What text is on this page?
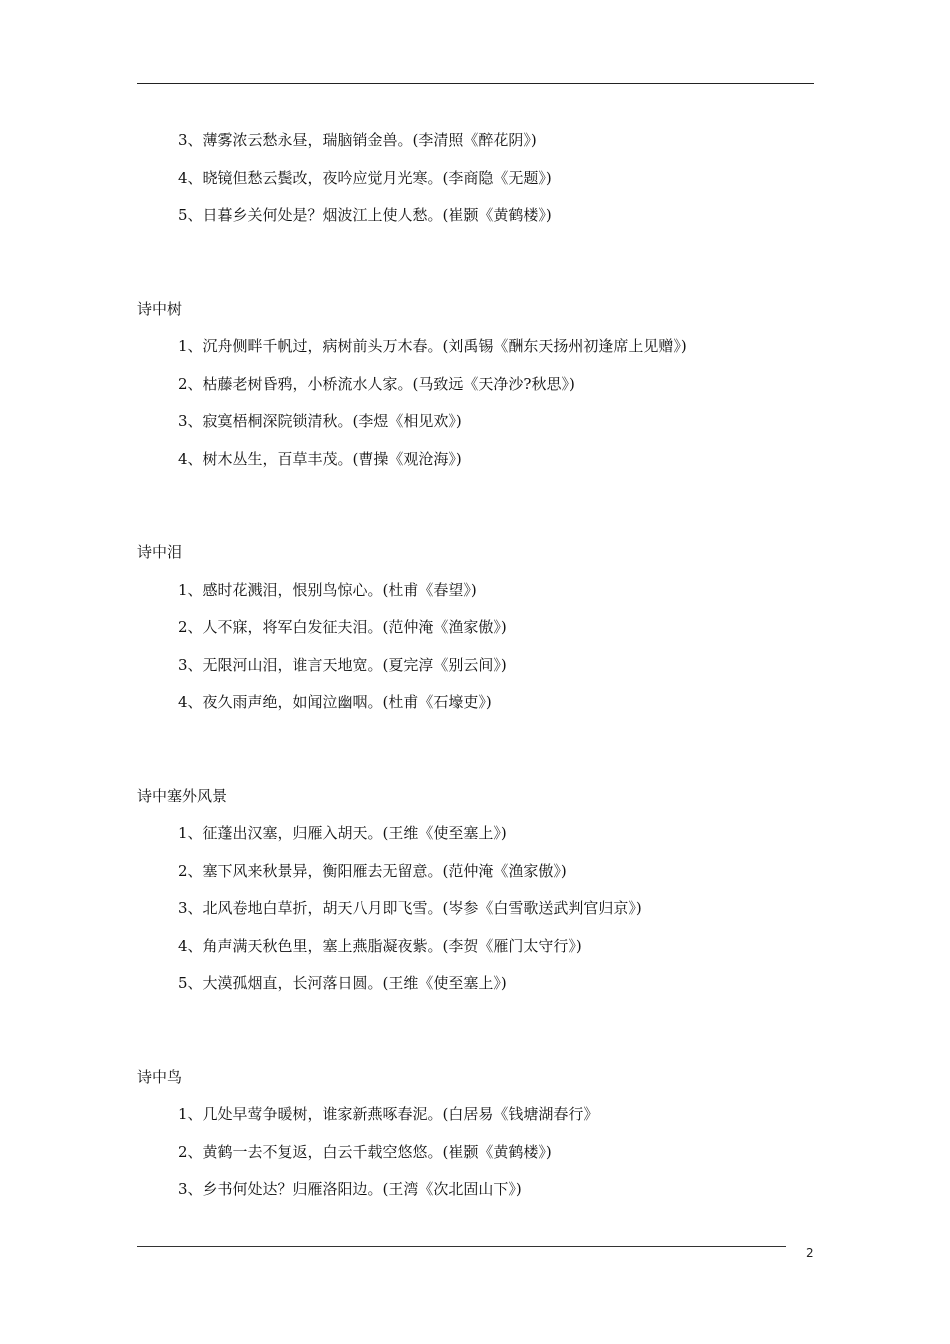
3、薄雾浓云愁永昼，瑞脑销金兽。(李清照《醉花阴》)
4、晓镜但愁云鬓改，夜吟应觉月光寒。(李商隐《无题》)
5、日暮乡关何处是？烟波江上使人愁。(崔颢《黄鹤楼》)
诗中树
1、沉舟侧畔千帆过，病树前头万木春。(刘禹锡《酬东天扬州初逢席上见赠》)
2、枯藤老树昏鸦，小桥流水人家。(马致远《天净沙?秋思》)
3、寂寞梧桐深院锁清秋。(李煜《相见欢》)
4、树木丛生，百草丰茂。(曹操《观沧海》)
诗中泪
1、感时花溅泪，恨别鸟惊心。(杜甫《春望》)
2、人不寐，将军白发征夫泪。(范仲淹《渔家傲》)
3、无限河山泪，谁言天地宽。(夏完淳《别云间》)
4、夜久雨声绝，如闻泣幽咽。(杜甫《石壕吏》)
诗中塞外风景
1、征蓬出汉塞，归雁入胡天。(王维《使至塞上》)
2、塞下风来秋景异，衡阳雁去无留意。(范仲淹《渔家傲》)
3、北风卷地白草折，胡天八月即飞雪。(岑参《白雪歌送武判官归京》)
4、角声满天秋色里，塞上燕脂凝夜紫。(李贺《雁门太守行》)
5、大漠孤烟直，长河落日圆。(王维《使至塞上》)
诗中鸟
1、几处早莺争暖树，谁家新燕啄春泥。(白居易《钱塘湖春行》
2、黄鹤一去不复返，白云千载空悠悠。(崔颢《黄鹤楼》)
3、乡书何处达？归雁洛阳边。(王湾《次北固山下》)
2
